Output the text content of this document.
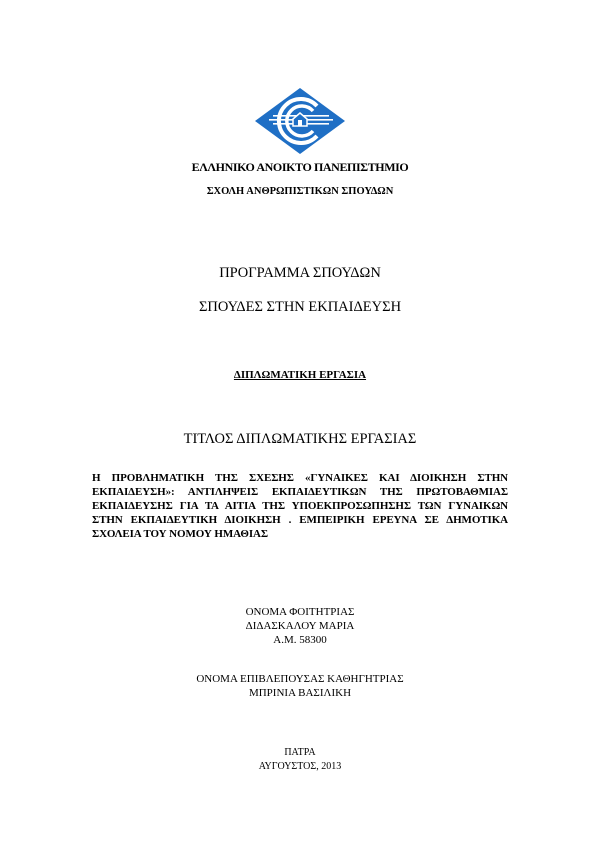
ΕΛΛΗΝΙΚΟ ΑΝΟΙΚΤΟ ΠΑΝΕΠΙΣΤΗΜΙΟ
ΣΧΟΛΗ ΑΝΘΡΩΠΙΣΤΙΚΩΝ ΣΠΟΥΔΩΝ
ΠΡΟΓΡΑΜΜΑ ΣΠΟΥΔΩΝ
ΣΠΟΥΔΕΣ ΣΤΗΝ ΕΚΠΑΙΔΕΥΣΗ
ΔΙΠΛΩΜΑΤΙΚΗ ΕΡΓΑΣΙΑ
ΤΙΤΛΟΣ ΔΙΠΛΩΜΑΤΙΚΗΣ ΕΡΓΑΣΙΑΣ
Η ΠΡΟΒΛΗΜΑΤΙΚΗ ΤΗΣ ΣΧΕΣΗΣ «ΓΥΝΑΙΚΕΣ ΚΑΙ ΔΙΟΙΚΗΣΗ ΣΤΗΝ ΕΚΠΑΙΔΕΥΣΗ»: ΑΝΤΙΛΗΨΕΙΣ ΕΚΠΑΙΔΕΥΤΙΚΩΝ ΤΗΣ ΠΡΩΤΟΒΑΘΜΙΑΣ ΕΚΠΑΙΔΕΥΣΗΣ ΓΙΑ ΤΑ ΑΙΤΙΑ ΤΗΣ ΥΠΟΕΚΠΡΟΣΩΠΗΣΗΣ ΤΩΝ ΓΥΝΑΙΚΩΝ ΣΤΗΝ ΕΚΠΑΙΔΕΥΤΙΚΗ ΔΙΟΙΚΗΣΗ . ΕΜΠΕΙΡΙΚΗ ΕΡΕΥΝΑ ΣΕ ΔΗΜΟΤΙΚΑ ΣΧΟΛΕΙΑ ΤΟΥ ΝΟΜΟΥ ΗΜΑΘΙΑΣ
ΟΝΟΜΑ ΦΟΙΤΗΤΡΙΑΣ
ΔΙΔΑΣΚΑΛΟΥ ΜΑΡΙΑ
Α.Μ. 58300
ΟΝΟΜΑ ΕΠΙΒΛΕΠΟΥΣΑΣ ΚΑΘΗΓΗΤΡΙΑΣ
ΜΠΡΙΝΙΑ ΒΑΣΙΛΙΚΗ
ΠΑΤΡΑ
ΑΥΓΟΥΣΤΟΣ, 2013
